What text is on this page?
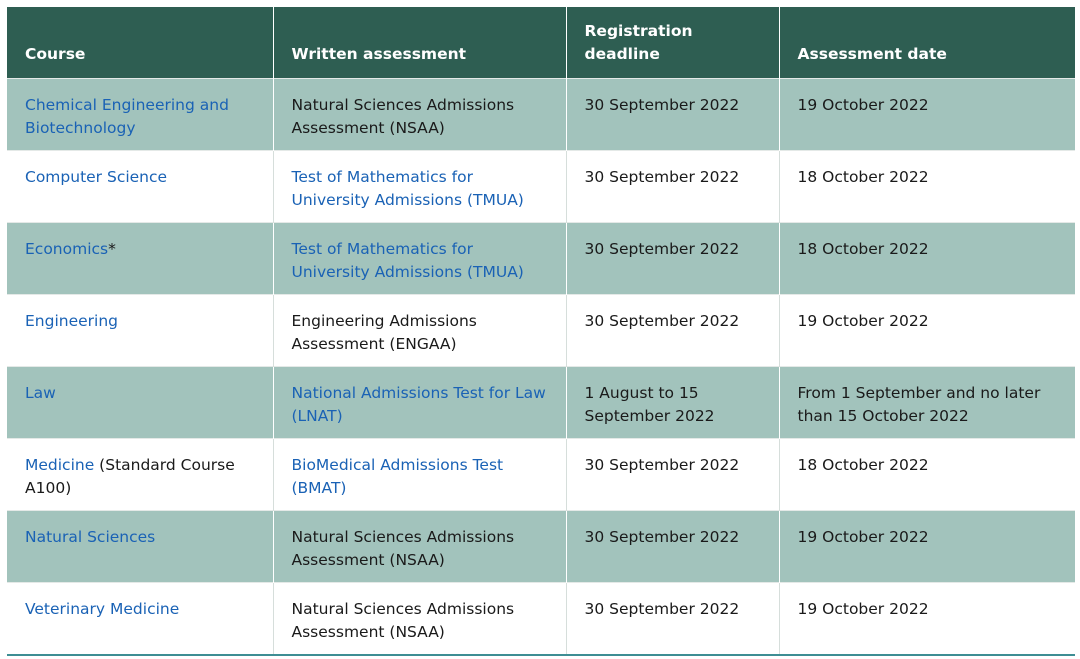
Course	Written assessment	Registration deadline	Assessment date
Chemical Engineering and Biotechnology	Natural Sciences Admissions Assessment (NSAA)	30 September 2022	19 October 2022
Computer Science	Test of Mathematics for University Admissions (TMUA)	30 September 2022	18 October 2022
Economics*	Test of Mathematics for University Admissions (TMUA)	30 September 2022	18 October 2022
Engineering	Engineering Admissions Assessment (ENGAA)	30 September 2022	19 October 2022
Law	National Admissions Test for Law (LNAT)	1 August to 15 September 2022	From 1 September and no later than 15 October 2022
Medicine (Standard Course A100)	BioMedical Admissions Test (BMAT)	30 September 2022	18 October 2022
Natural Sciences	Natural Sciences Admissions Assessment (NSAA)	30 September 2022	19 October 2022
Veterinary Medicine	Natural Sciences Admissions Assessment (NSAA)	30 September 2022	19 October 2022
